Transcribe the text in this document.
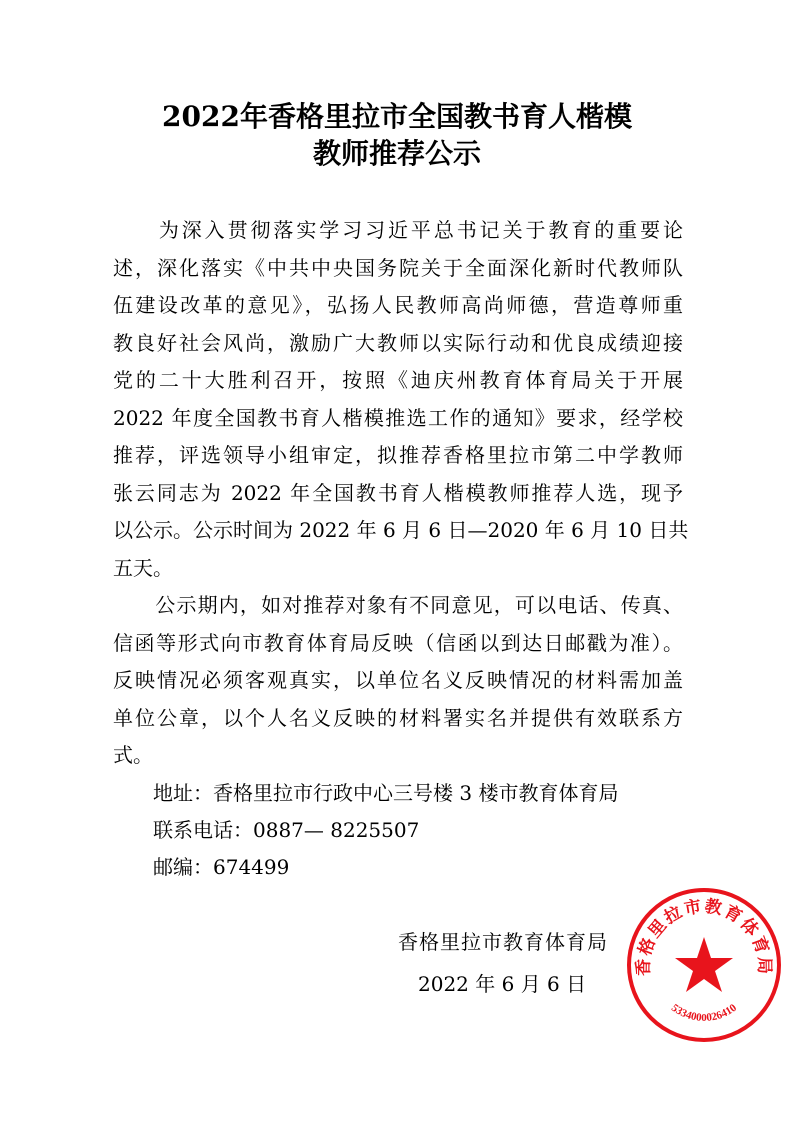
2022年香格里拉市全国教书育人楷模
教师推荐公示
　　为深入贯彻落实学习习近平总书记关于教育的重要论
述，深化落实《中共中央国务院关于全面深化新时代教师队
伍建设改革的意见》，弘扬人民教师高尚师德，营造尊师重
教良好社会风尚，激励广大教师以实际行动和优良成绩迎接
党的二十大胜利召开，按照《迪庆州教育体育局关于开展
2022 年度全国教书育人楷模推选工作的通知》要求，经学校
推荐，评选领导小组审定，拟推荐香格里拉市第二中学教师
张云同志为 2022 年全国教书育人楷模教师推荐人选，现予
以公示。公示时间为 2022 年 6 月 6 日—2020 年 6 月 10 日共
五天。
　　公示期内，如对推荐对象有不同意见，可以电话、传真、
信函等形式向市教育体育局反映（信函以到达日邮戳为准）。
反映情况必须客观真实，以单位名义反映情况的材料需加盖
单位公章，以个人名义反映的材料署实名并提供有效联系方
式。
　　地址：香格里拉市行政中心三号楼 3 楼市教育体育局
　　联系电话：0887— 8225507
　　邮编：674499
香格里拉市教育体育局
2022 年 6 月 6 日
香格里拉市教育体育局
5334000026410
